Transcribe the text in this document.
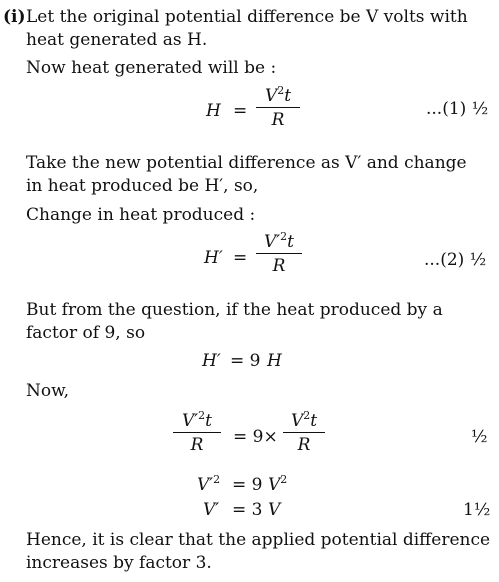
(i) Let the original potential difference be V volts with
heat generated as H.
Now heat generated will be :
H =
$V^2t$
R
...(1) ½
Take the new potential difference as V′ and change
in heat produced be H′, so,
Change in heat produced :
H′ =
$V'^2t$
R	...(2) ½
But from the question, if the heat produced by a
factor of 9, so
H′ = 9 H
Now,
$V'^2t$
R	= 9×
$V^2t$
R	½
$V'^2 = 9$ $V^2$
V′ = 3 V	1½
Hence, it is clear that the applied potential difference
increases by factor 3.
